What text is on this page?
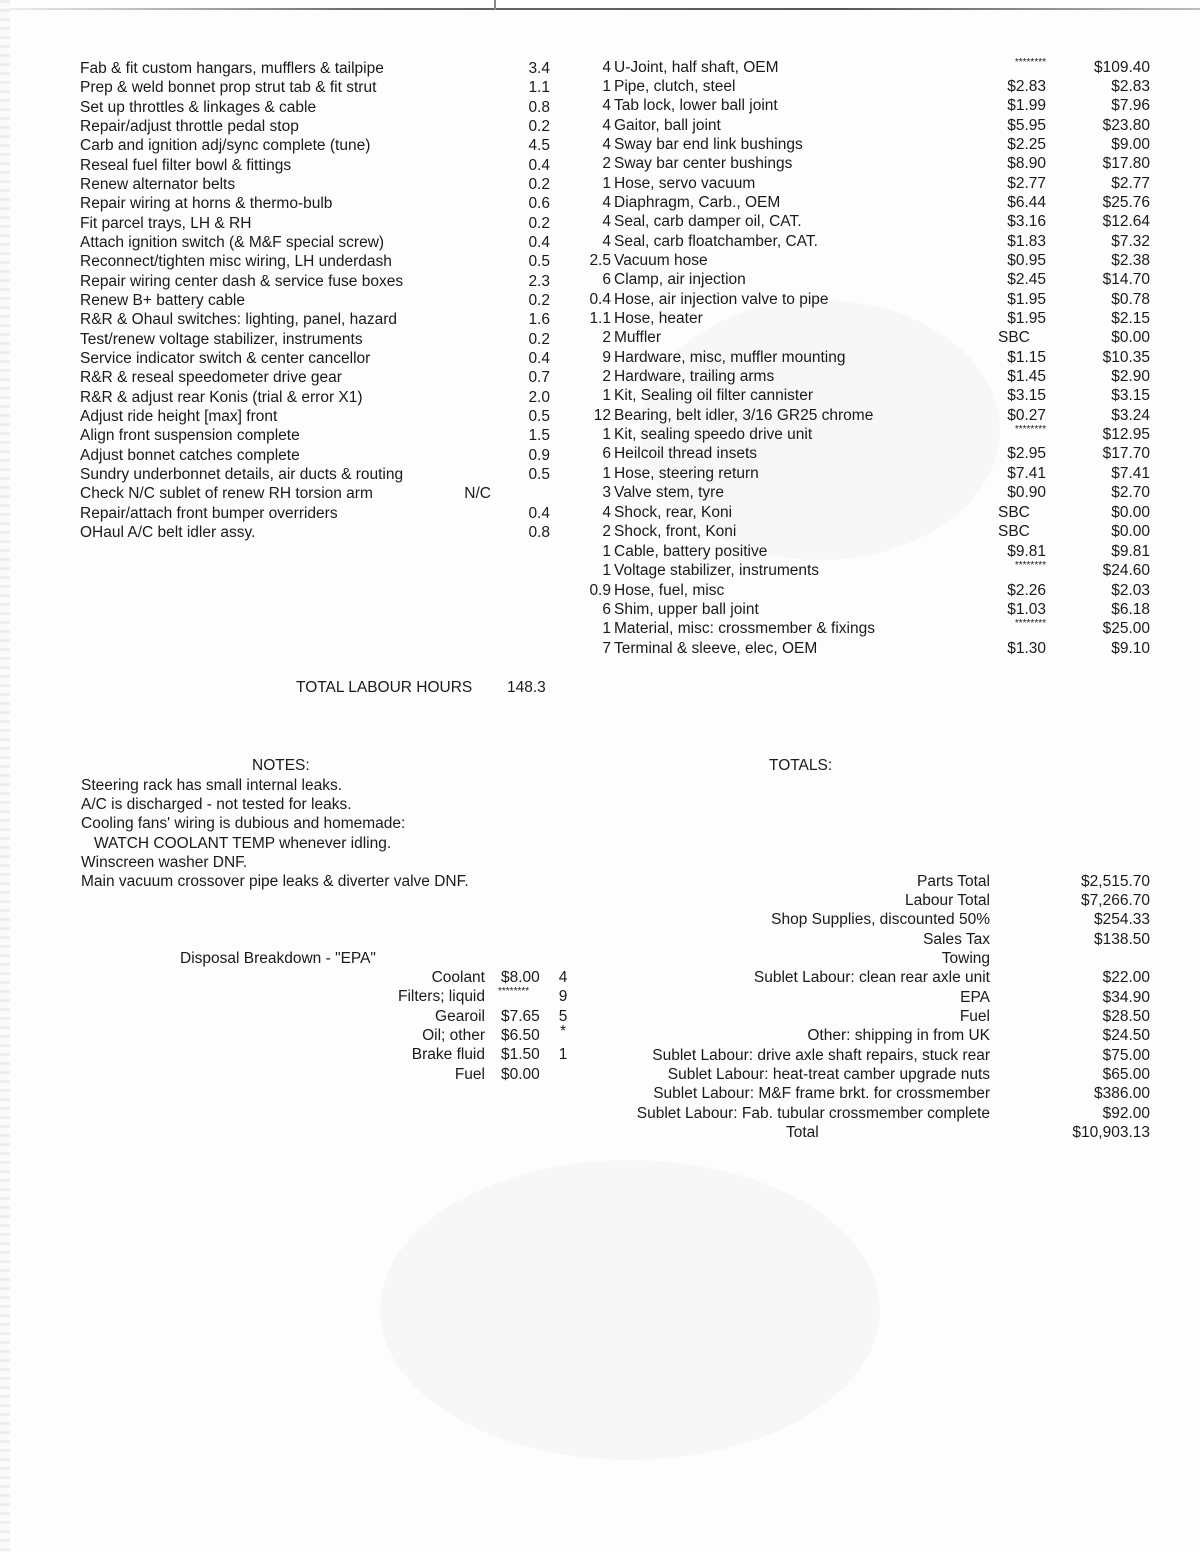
Fab & fit custom hangars, mufflers & tailpipe	3.4
Prep & weld bonnet prop strut tab & fit strut	1.1
Set up throttles & linkages & cable	0.8
Repair/adjust throttle pedal stop	0.2
Carb and ignition adj/sync complete (tune)	4.5
Reseal fuel filter bowl & fittings	0.4
Renew alternator belts	0.2
Repair wiring at horns & thermo-bulb	0.6
Fit parcel trays, LH & RH	0.2
Attach ignition switch (& M&F special screw)	0.4
Reconnect/tighten misc wiring, LH underdash	0.5
Repair wiring center dash & service fuse boxes	2.3
Renew B+ battery cable	0.2
R&R & Ohaul switches: lighting, panel, hazard	1.6
Test/renew voltage stabilizer, instruments	0.2
Service indicator switch & center cancellor	0.4
R&R & reseal speedometer drive gear	0.7
R&R & adjust rear Konis (trial & error X1)	2.0
Adjust ride height [max] front	0.5
Align front suspension complete	1.5
Adjust bonnet catches complete	0.9
Sundry underbonnet details, air ducts & routing	0.5
Check N/C sublet of renew RH torsion arm	N/C
Repair/attach front bumper overriders	0.4
OHaul A/C belt idler assy.	0.8
4 U-Joint, half shaft, OEM	********	$109.40
1 Pipe, clutch, steel	$2.83	$2.83
4 Tab lock, lower ball joint	$1.99	$7.96
4 Gaitor, ball joint	$5.95	$23.80
4 Sway bar end link bushings	$2.25	$9.00
2 Sway bar center bushings	$8.90	$17.80
1 Hose, servo vacuum	$2.77	$2.77
4 Diaphragm, Carb., OEM	$6.44	$25.76
4 Seal, carb damper oil, CAT.	$3.16	$12.64
4 Seal, carb floatchamber, CAT.	$1.83	$7.32
2.5 Vacuum hose	$0.95	$2.38
6 Clamp, air injection	$2.45	$14.70
0.4 Hose, air injection valve to pipe	$1.95	$0.78
1.1 Hose, heater	$1.95	$2.15
2 Muffler	SBC	$0.00
9 Hardware, misc, muffler mounting	$1.15	$10.35
2 Hardware, trailing arms	$1.45	$2.90
1 Kit, Sealing oil filter cannister	$3.15	$3.15
12 Bearing, belt idler, 3/16 GR25 chrome	$0.27	$3.24
1 Kit, sealing speedo drive unit	********	$12.95
6 Heilcoil thread insets	$2.95	$17.70
1 Hose, steering return	$7.41	$7.41
3 Valve stem, tyre	$0.90	$2.70
4 Shock, rear, Koni	SBC	$0.00
2 Shock, front, Koni	SBC	$0.00
1 Cable, battery positive	$9.81	$9.81
1 Voltage stabilizer, instruments	********	$24.60
0.9 Hose, fuel, misc	$2.26	$2.03
6 Shim, upper ball joint	$1.03	$6.18
1 Material, misc: crossmember & fixings	********	$25.00
7 Terminal & sleeve, elec, OEM	$1.30	$9.10
TOTAL LABOUR HOURS 148.3
NOTES:
Steering rack has small internal leaks.
A/C is discharged - not tested for leaks.
Cooling fans' wiring is dubious and homemade:
WATCH COOLANT TEMP whenever idling.
Winscreen washer DNF.
Main vacuum crossover pipe leaks & diverter valve DNF.
Disposal Breakdown - "EPA"
Coolant $8.00 4
Filters; liquid ******** 9
Gearoil $7.65 5
Oil; other $6.50 *
Brake fluid $1.50 1
Fuel $0.00
TOTALS:
Parts Total	$2,515.70
Labour Total	$7,266.70
Shop Supplies, discounted 50%	$254.33
Sales Tax	$138.50
Towing
Sublet Labour: clean rear axle unit	$22.00
EPA	$34.90
Fuel	$28.50
Other: shipping in from UK	$24.50
Sublet Labour: drive axle shaft repairs, stuck rear	$75.00
Sublet Labour: heat-treat camber upgrade nuts	$65.00
Sublet Labour: M&F frame brkt. for crossmember	$386.00
Sublet Labour: Fab. tubular crossmember complete	$92.00
Total	$10,903.13
